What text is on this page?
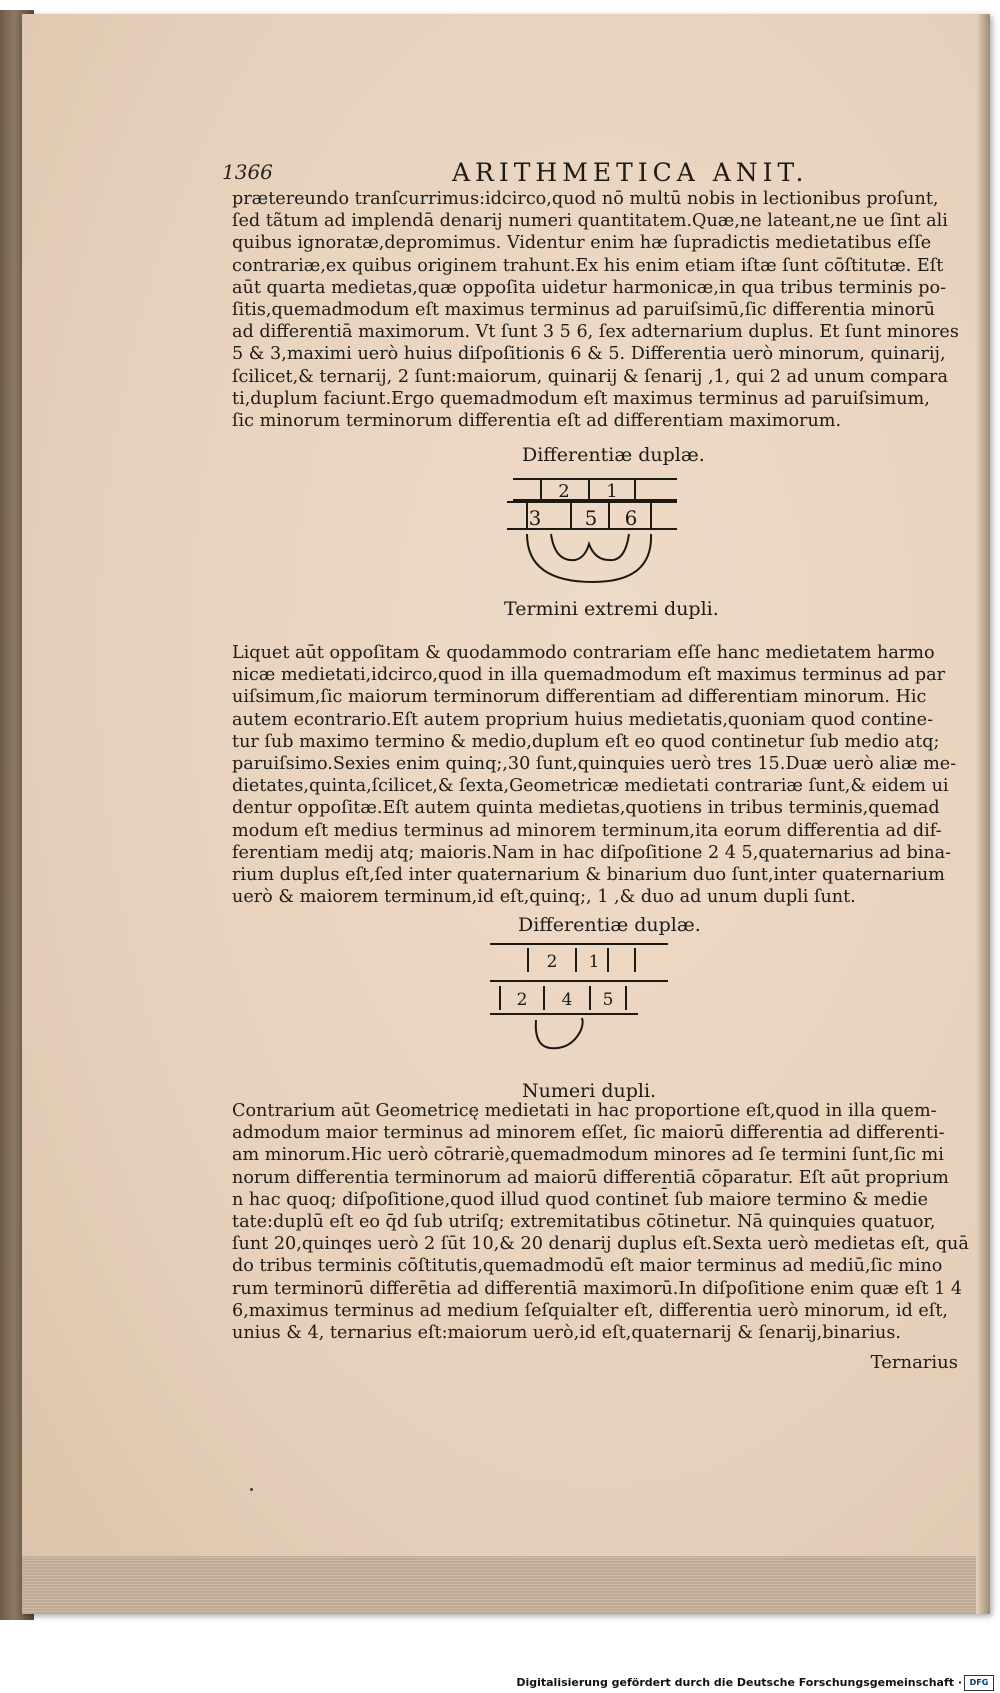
1366	ARITHMETICA ANIT.
prætereundo tranſcurrimus:idcirco,quod nō multū nobis in lectionibus proſunt,
ſed tãtum ad implendā denarij numeri quantitatem.Quæ,ne lateant,ne ue ſint ali
quibus ignoratæ,depromimus. Videntur enim hæ ſupradictis medietatibus eſſe
contrariæ,ex quibus originem trahunt.Ex his enim etiam iſtæ ſunt cōſtitutæ. Eſt
aūt quarta medietas,quæ oppoſita uidetur harmonicæ,in qua tribus terminis po-
ſitis,quemadmodum eſt maximus terminus ad paruiſsimū,ſic differentia minorū
ad differentiā maximorum. Vt ſunt 3 5 6, ſex adternarium duplus. Et ſunt minores
5 & 3,maximi uerò huius diſpoſitionis 6 & 5. Differentia uerò minorum, quinarij,
ſcilicet,& ternarij, 2 ſunt:maiorum, quinarij & ſenarij ,1, qui 2 ad unum compara
ti,duplum faciunt.Ergo quemadmodum eſt maximus terminus ad paruiſsimum,
ſic minorum terminorum differentia eſt ad differentiam maximorum.
Differentiæ duplæ.
2 1
3 5 6
Termini extremi dupli.
Liquet aūt oppoſitam & quodammodo contrariam eſſe hanc medietatem harmo
nicæ medietati,idcirco,quod in illa quemadmodum eſt maximus terminus ad par
uiſsimum,ſic maiorum terminorum differentiam ad differentiam minorum. Hic
autem econtrario.Eſt autem proprium huius medietatis,quoniam quod contine-
tur ſub maximo termino & medio,duplum eſt eo quod continetur ſub medio atq;
paruiſsimo.Sexies enim quinq;,30 ſunt,quinquies uerò tres 15.Duæ uerò aliæ me-
dietates,quinta,ſcilicet,& ſexta,Geometricæ medietati contrariæ ſunt,& eidem ui
dentur oppoſitæ.Eſt autem quinta medietas,quotiens in tribus terminis,quemad
modum eſt medius terminus ad minorem terminum,ita eorum differentia ad dif-
ferentiam medij atq; maioris.Nam in hac diſpoſitione 2 4 5,quaternarius ad bina-
rium duplus eſt,ſed inter quaternarium & binarium duo ſunt,inter quaternarium
uerò & maiorem terminum,id eſt,quinq;, 1 ,& duo ad unum dupli ſunt.
Differentiæ duplæ.
2 1
2 4 5
Numeri dupli.
Contrarium aūt Geometricę medietati in hac proportione eſt,quod in illa quem-
admodum maior terminus ad minorem eſſet, ſic maiorū differentia ad differenti-
am minorum.Hic uerò cōtrariè,quemadmodum minores ad ſe termini ſunt,ſic mi
norum differentia terminorum ad maiorū differentiā cōparatur. Eſt aūt proprium
n hac quoq; diſpoſitione,quod illud quod continet̄ ſub maiore termino & medie
tate:duplū eſt eo q̄d ſub utriſq; extremitatibus cōtinetur. Nā quinquies quatuor,
ſunt 20,quinqes uerò 2 ſūt 10,& 20 denarij duplus eſt.Sexta uerò medietas eſt, quā
do tribus terminis cōſtitutis,quemadmodū eſt maior terminus ad mediū,ſic mino
rum terminorū differētia ad differentiā maximorū.In diſpoſitione enim quæ eſt 1 4
6,maximus terminus ad medium ſeſquialter eſt, differentia uerò minorum, id eſt,
unius & 4, ternarius eſt:maiorum uerò,id eſt,quaternarij & ſenarij,binarius.
Ternarius
Digitalisierung gefördert durch die Deutsche Forschungsgemeinschaft · DFG
